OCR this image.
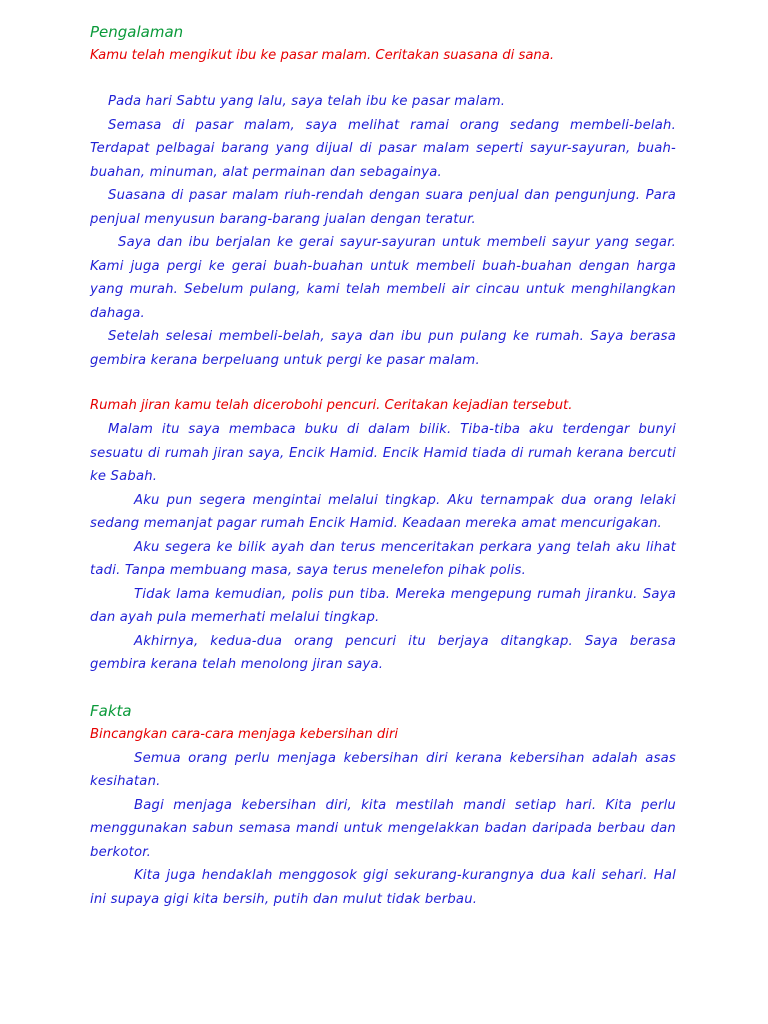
Pengalaman

Kamu telah mengikut ibu ke pasar malam. Ceritakan suasana di sana.

Pada hari Sabtu yang lalu, saya telah ibu ke pasar malam.

Semasa di pasar malam, saya melihat ramai orang sedang membeli-belah. Terdapat pelbagai barang yang dijual di pasar malam seperti sayur-sayuran, buah-buahan, minuman, alat permainan dan sebagainya.

Suasana di pasar malam riuh-rendah dengan suara penjual dan pengunjung. Para penjual menyusun barang-barang jualan dengan teratur.

Saya dan ibu berjalan ke gerai sayur-sayuran untuk membeli sayur yang segar. Kami juga pergi ke gerai buah-buahan untuk membeli buah-buahan dengan harga yang murah. Sebelum pulang, kami telah membeli air cincau untuk menghilangkan dahaga.

Setelah selesai membeli-belah, saya dan ibu pun pulang ke rumah. Saya berasa gembira kerana berpeluang untuk pergi ke pasar malam.

Rumah jiran kamu telah dicerobohi pencuri. Ceritakan kejadian tersebut.

Malam itu saya membaca buku di dalam bilik. Tiba-tiba aku terdengar bunyi sesuatu di rumah jiran saya, Encik Hamid. Encik Hamid tiada di rumah kerana bercuti ke Sabah.

Aku pun segera mengintai melalui tingkap. Aku ternampak dua orang lelaki sedang memanjat pagar rumah Encik Hamid. Keadaan mereka amat mencurigakan.

Aku segera ke bilik ayah dan terus menceritakan perkara yang telah aku lihat tadi. Tanpa membuang masa, saya terus menelefon pihak polis.

Tidak lama kemudian, polis pun tiba. Mereka mengepung rumah jiranku. Saya dan ayah pula memerhati melalui tingkap.

Akhirnya, kedua-dua orang pencuri itu berjaya ditangkap. Saya berasa gembira kerana telah menolong jiran saya.

Fakta

Bincangkan cara-cara menjaga kebersihan diri

Semua orang perlu menjaga kebersihan diri kerana kebersihan adalah asas kesihatan.

Bagi menjaga kebersihan diri, kita mestilah mandi setiap hari. Kita perlu menggunakan sabun semasa mandi untuk mengelakkan badan daripada berbau dan berkotor.

Kita juga hendaklah menggosok gigi sekurang-kurangnya dua kali sehari. Hal ini supaya gigi kita bersih, putih dan mulut tidak berbau.
